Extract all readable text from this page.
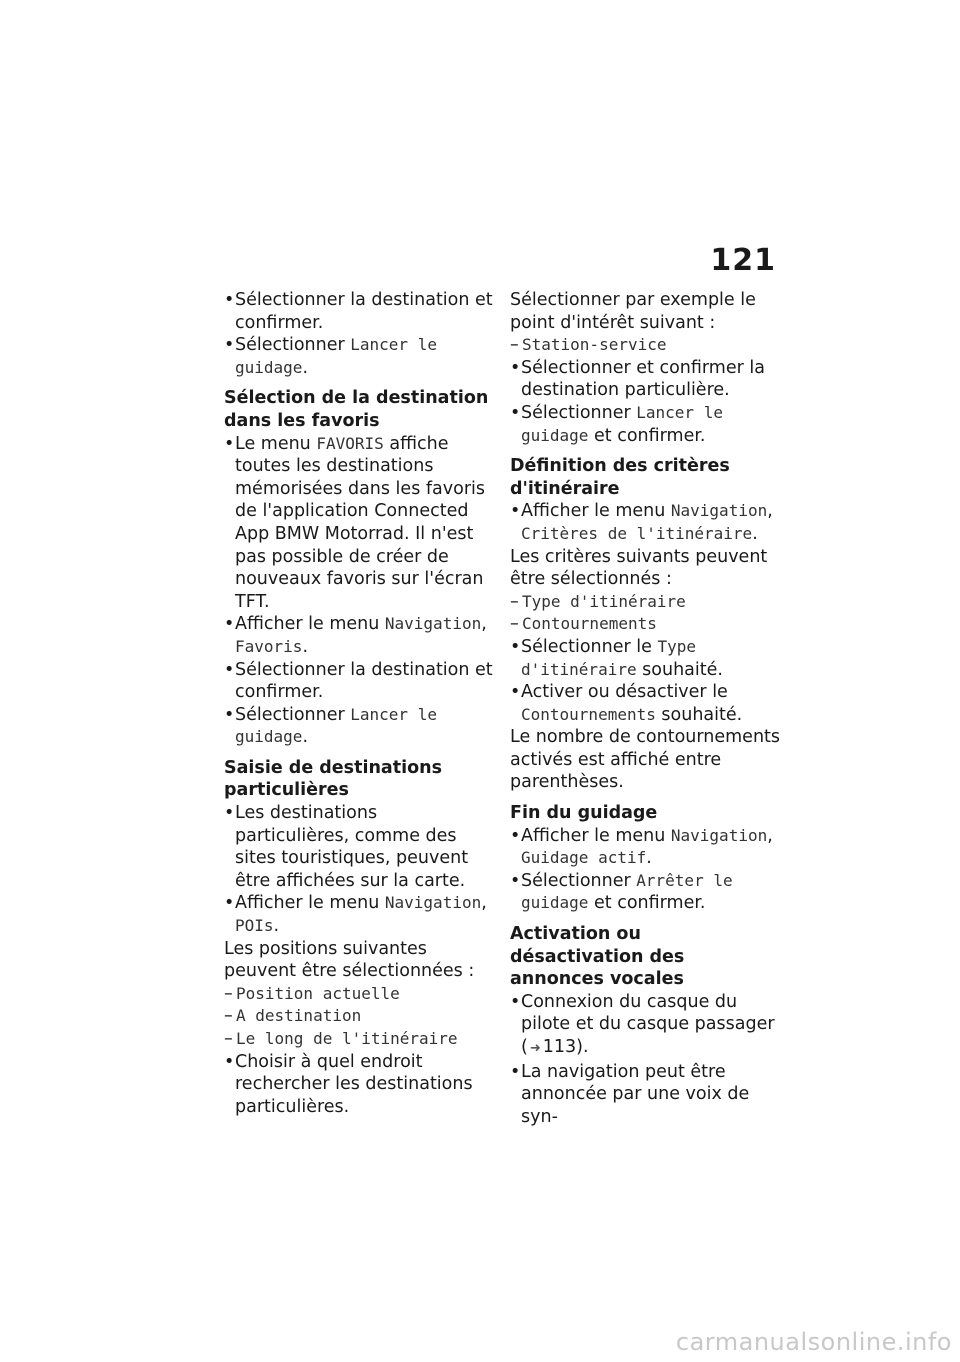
121
• Sélectionner la destination et confirmer.
• Sélectionner Lancer le guidage.
Sélection de la destination dans les favoris
• Le menu FAVORIS affiche toutes les destinations mémorisées dans les favoris de l'application Connected App BMW Motorrad. Il n'est pas possible de créer de nouveaux favoris sur l'écran TFT.
• Afficher le menu Navigation, Favoris.
• Sélectionner la destination et confirmer.
• Sélectionner Lancer le guidage.
Saisie de destinations particulières
• Les destinations particulières, comme des sites touristiques, peuvent être affichées sur la carte.
• Afficher le menu Navigation, POIs.

Les positions suivantes peuvent être sélectionnées :

– Position actuelle
– A destination
– Le long de l'itinéraire
• Choisir à quel endroit rechercher les destinations particulières.

Sélectionner par exemple le point d'intérêt suivant :

– Station-service
• Sélectionner et confirmer la destination particulière.
• Sélectionner Lancer le guidage et confirmer.
Définition des critères d'itinéraire
• Afficher le menu Navigation, Critères de l'itinéraire.

Les critères suivants peuvent être sélectionnés :

– Type d'itinéraire
– Contournements
• Sélectionner le Type d'itinéraire souhaité.
• Activer ou désactiver le Contournements souhaité.

Le nombre de contournements activés est affiché entre parenthèses.

Fin du guidage
• Afficher le menu Navigation, Guidage actif.
• Sélectionner Arrêter le guidage et confirmer.
Activation ou désactivation des annonces vocales
• Connexion du casque du pilote et du casque passager ( ➜ 113).
• La navigation peut être annoncée par une voix de syn-
carmanualsonline.info
